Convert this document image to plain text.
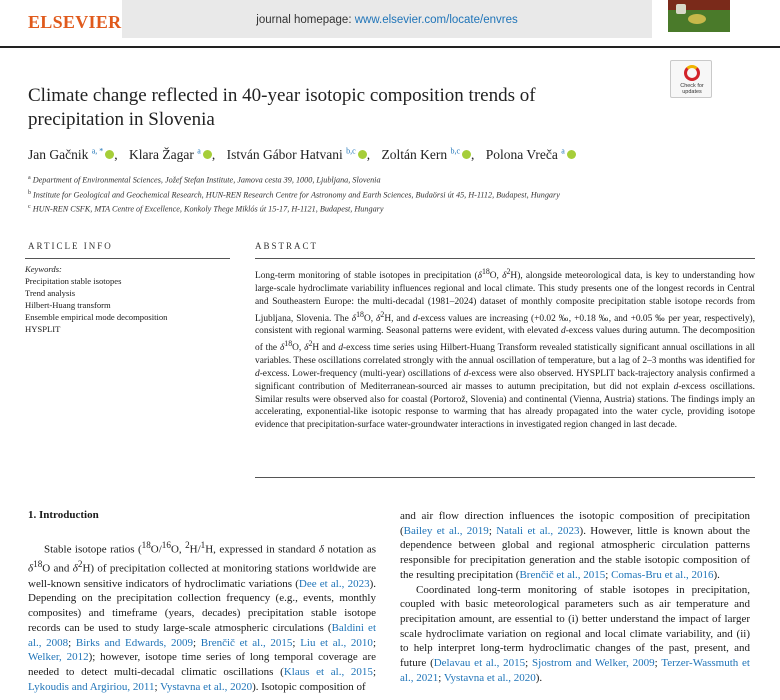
ELSEVIER	journal homepage: www.elsevier.com/locate/envres
Check for
updates
Climate change reflected in 40-year isotopic composition trends of
precipitation in Slovenia
Jan Gačnik $^{a, *}$ , Klara Žagar $^a$ , István Gábor Hatvani $^{b,c}$ , Zoltán Kern $^{b,c}$ , Polona Vreča $^a$
$^a$ Department of Environmental Sciences, Jožef Stefan Institute, Jamova cesta 39, 1000, Ljubljana, Slovenia
$^b$ Institute for Geological and Geochemical Research, HUN-REN Research Centre for Astronomy and Earth Sciences, Budaörsi út 45, H-1112, Budapest, Hungary
$^c$ HUN-REN CSFK, MTA Centre of Excellence, Konkoly Thege Miklós út 15-17, H-1121, Budapest, Hungary
ARTICLE INFO
Keywords:
Precipitation stable isotopes
Trend analysis
Hilbert-Huang transform
Ensemble empirical mode decomposition
HYSPLIT
ABSTRACT
Long-term monitoring of stable isotopes in precipitation ($\delta^{18}O$, $\delta^2H$), alongside meteorological data, is key to understanding how large-scale hydroclimate variability influences regional and local climate. This study presents one of the longest records in Central and Southeastern Europe: the multi-decadal (1981–2024) dataset of monthly composite precipitation stable isotope records from Ljubljana, Slovenia. The $\delta^{18}O$, $\delta^2H$, and d-excess values are increasing (+0.02 ‰, +0.18 ‰, and +0.05 ‰ per year, respectively), consistent with regional warming. Seasonal patterns were evident, with elevated d-excess values during autumn. The decomposition of the $\delta^{18}O$, $\delta^2H$ and d-excess time series using Hilbert-Huang Transform revealed statistically significant annual oscillations in all variables. These oscillations correlated strongly with the annual oscillation of temperature, but a lag of 2–3 months was identified for d-excess. Lower-frequency (multi-year) oscillations of d-excess were also observed. HYSPLIT back-trajectory analysis confirmed a significant contribution of Mediterranean-sourced air masses to autumn precipitation, but did not explain d-excess oscillations. Similar results were observed also for coastal (Portorož, Slovenia) and continental (Vienna, Austria) stations. The findings imply an accelerating, exponential-like isotopic response to warming that has already propagated into the water cycle, providing isotope evidence that precipitation-surface water-groundwater interactions in investigated region changed in last decade.
1. Introduction

Stable isotope ratios ($^{18}$O/$^{16}$O, $^2$H/$^1$H, expressed in standard δ notation as $\delta^{18}O$ and $\delta^2H$) of precipitation collected at monitoring stations worldwide are well-known sensitive indicators of hydroclimatic variations (Dee et al., 2023). Depending on the precipitation collection frequency (e.g., events, monthly composites) and timeframe (years, decades) precipitation stable isotope records can be used to study large-scale atmospheric circulations (Baldini et al., 2008; Birks and Edwards, 2009; Brenčič et al., 2015; Liu et al., 2010; Welker, 2012); however, isotope time series of long temporal coverage are needed to detect multi-decadal climatic oscillations (Klaus et al., 2015; Lykoudis and Argiriou, 2011; Vystavna et al., 2020). Isotopic composition of

and air flow direction influences the isotopic composition of precipitation (Bailey et al., 2019; Natali et al., 2023). However, little is known about the dependence between global and regional atmospheric circulation patterns responsible for precipitation generation and the stable isotopic composition of the resulting precipitation (Brenčič et al., 2015; Comas-Bru et al., 2016).

Coordinated long-term monitoring of stable isotopes in precipitation, coupled with basic meteorological parameters such as air temperature and precipitation amount, are essential to (i) better understand the impact of larger scale hydroclimate variation on regional and local climate variability, and (ii) to help interpret long-term hydroclimatic changes of the past, present, and future (Delavau et al., 2015; Sjostrom and Welker, 2009; Terzer-Wassmuth et al., 2021; Vystavna et al., 2020).
